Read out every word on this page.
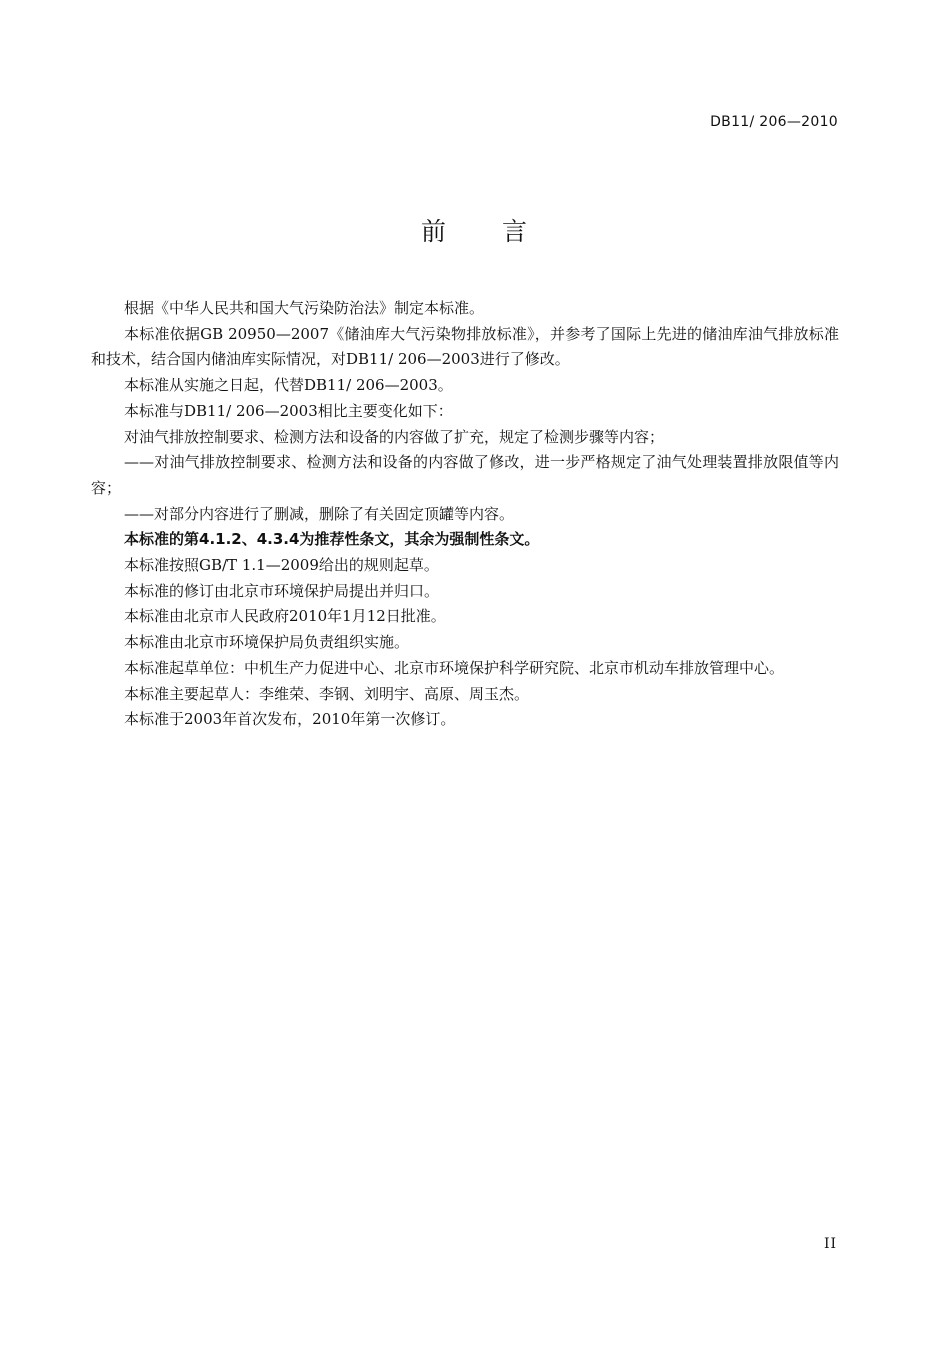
DB11/ 206—2010
前　　言

根据《中华人民共和国大气污染防治法》制定本标准。

本标准依据GB 20950—2007《储油库大气污染物排放标准》，并参考了国际上先进的储油库油气排放标准和技术，结合国内储油库实际情况，对DB11/ 206—2003进行了修改。

本标准从实施之日起，代替DB11/ 206—2003。

本标准与DB11/ 206—2003相比主要变化如下：

对油气排放控制要求、检测方法和设备的内容做了扩充，规定了检测步骤等内容；

——对油气排放控制要求、检测方法和设备的内容做了修改，进一步严格规定了油气处理装置排放限值等内容；

——对部分内容进行了删减，删除了有关固定顶罐等内容。

本标准的第4.1.2、4.3.4为推荐性条文，其余为强制性条文。

本标准按照GB/T 1.1—2009给出的规则起草。

本标准的修订由北京市环境保护局提出并归口。

本标准由北京市人民政府2010年1月12日批准。

本标准由北京市环境保护局负责组织实施。

本标准起草单位：中机生产力促进中心、北京市环境保护科学研究院、北京市机动车排放管理中心。

本标准主要起草人：李维荣、李钢、刘明宇、高原、周玉杰。

本标准于2003年首次发布，2010年第一次修订。

II
